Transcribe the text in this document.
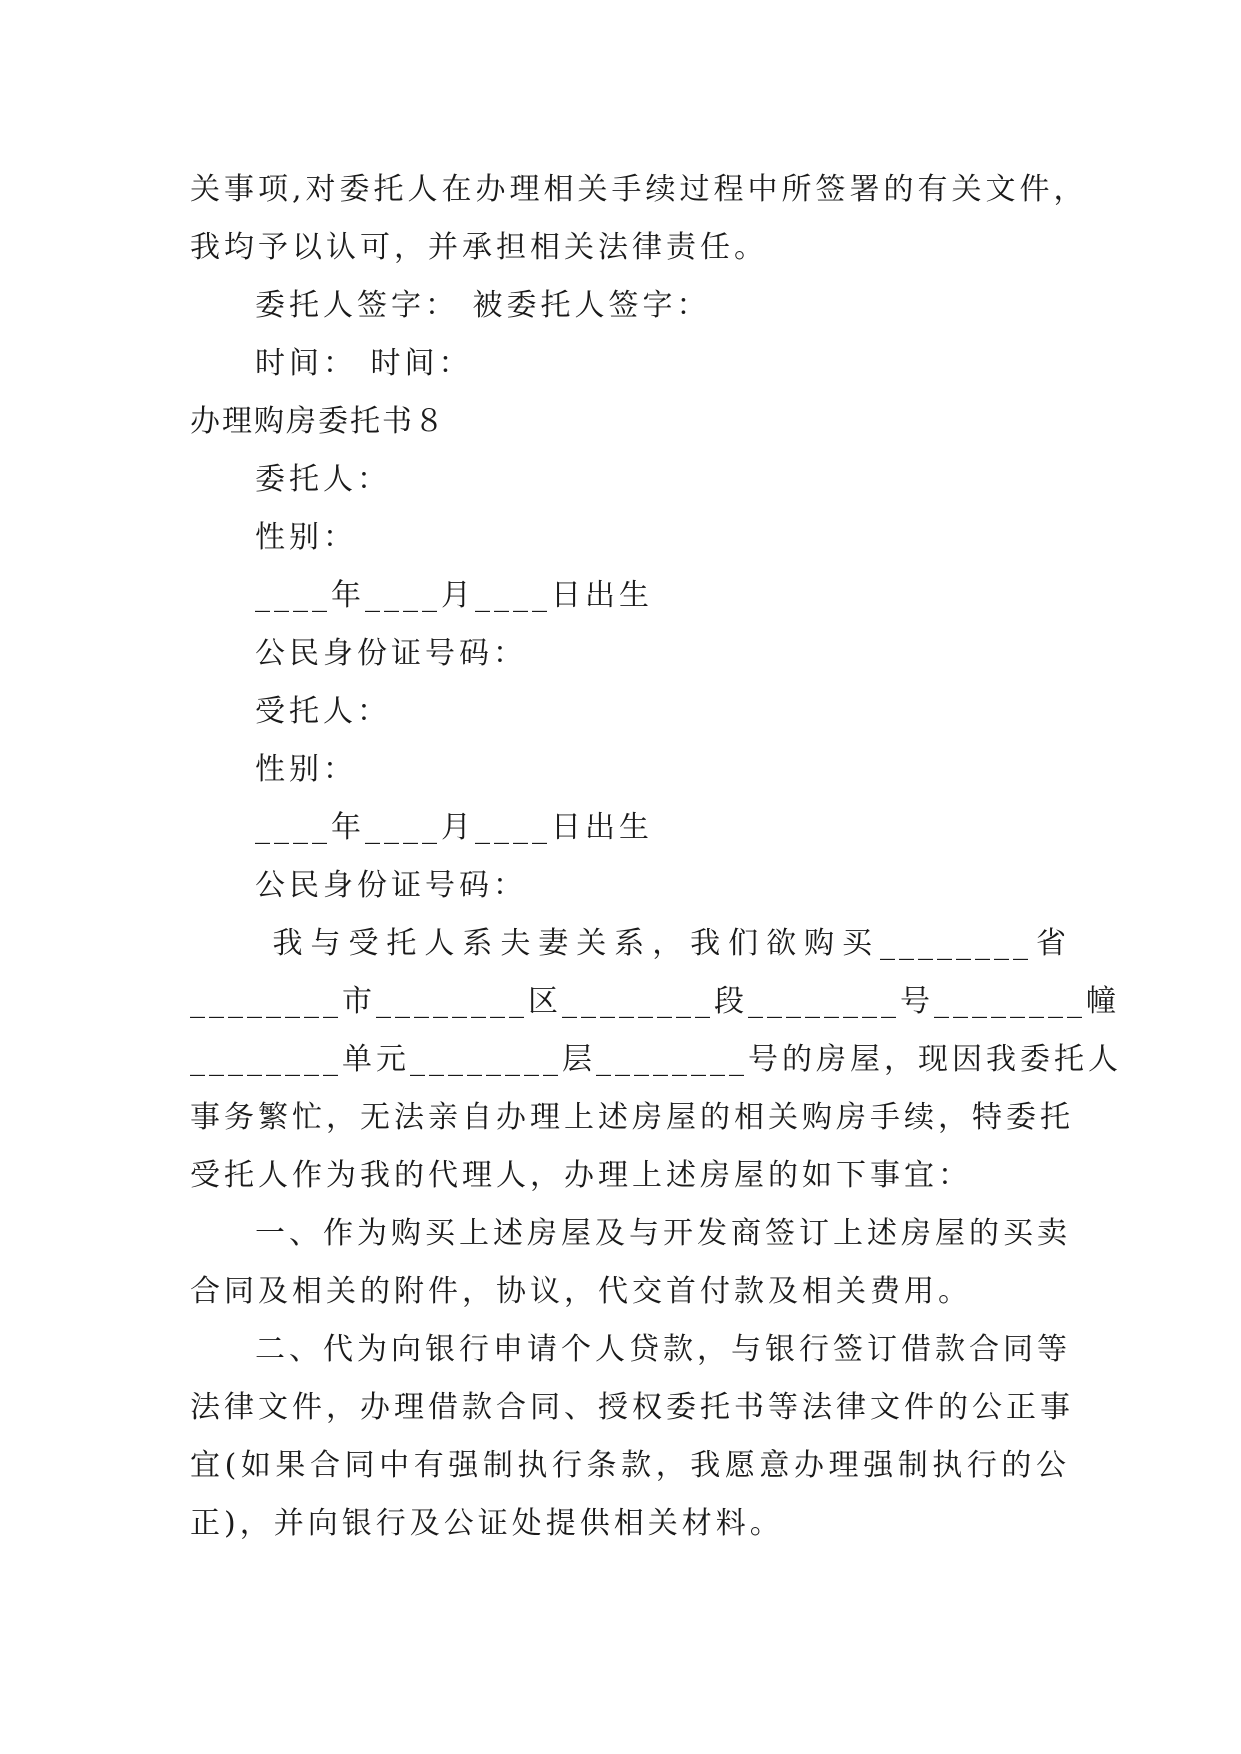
关事项,对委托人在办理相关手续过程中所签署的有关文件，
我均予以认可，并承担相关法律责任。
委托人签字： 被委托人签字：
时间： 时间：
办理购房委托书８
委托人：
性别：
____年____月____日出生
公民身份证号码：
受托人：
性别：
____年____月____日出生
公民身份证号码：
我与受托人系夫妻关系，我们欲购买________省
________市________区________段________号________幢
________单元________层________号的房屋，现因我委托人
事务繁忙，无法亲自办理上述房屋的相关购房手续，特委托
受托人作为我的代理人，办理上述房屋的如下事宜：
一、作为购买上述房屋及与开发商签订上述房屋的买卖
合同及相关的附件，协议，代交首付款及相关费用。
二、代为向银行申请个人贷款，与银行签订借款合同等
法律文件，办理借款合同、授权委托书等法律文件的公正事
宜(如果合同中有强制执行条款，我愿意办理强制执行的公
正)，并向银行及公证处提供相关材料。
